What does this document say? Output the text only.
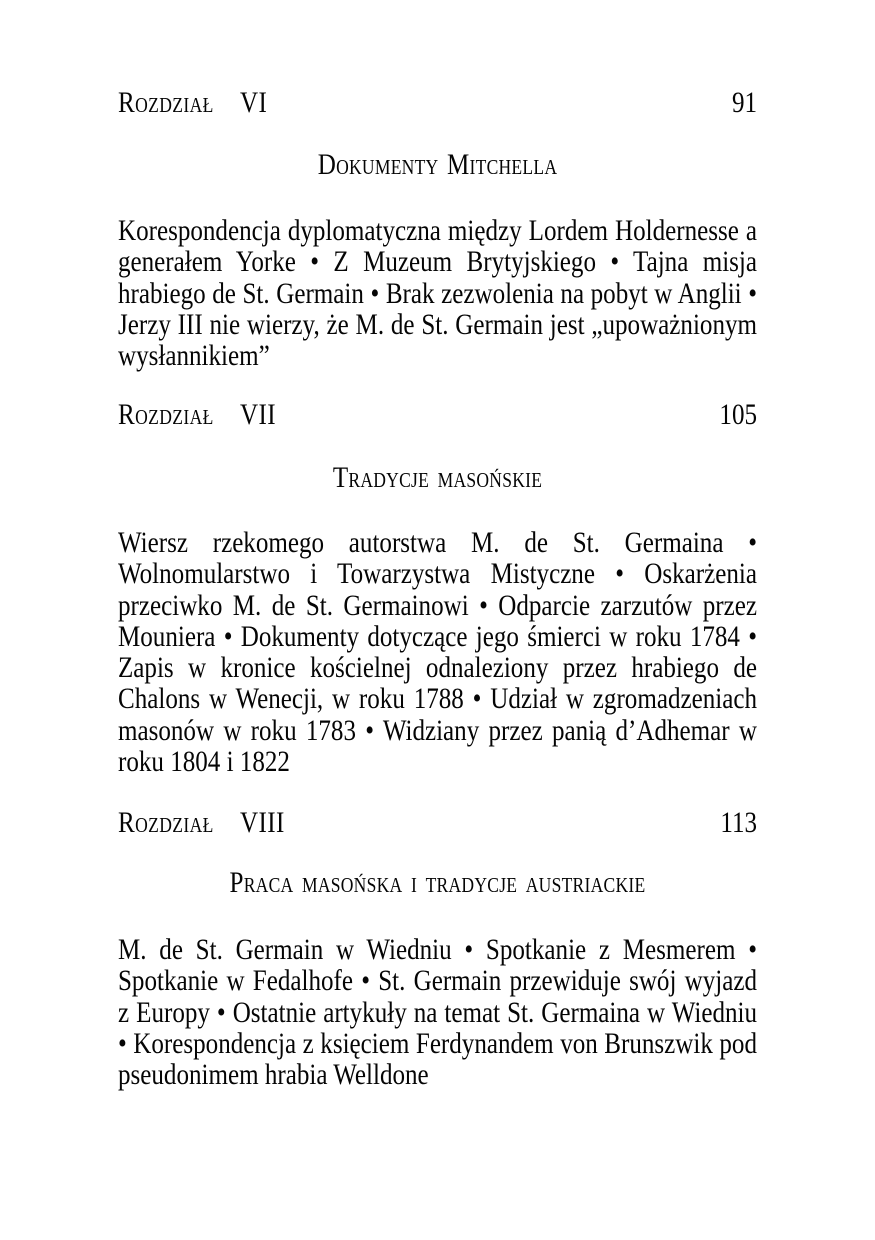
Rozdział VI	91
Dokumenty Mitchella
Korespondencja dyplomatyczna między Lordem Holdernesse a generałem Yorke • Z Muzeum Brytyjskiego • Tajna misja hrabiego de St. Germain • Brak zezwolenia na pobyt w Anglii • Jerzy III nie wierzy, że M. de St. Germain jest „upoważnionym wysłannikiem”
Rozdział VII	105
Tradycje masońskie
Wiersz rzekomego autorstwa M. de St. Germaina • Wolnomularstwo i Towarzystwa Mistyczne • Oskarżenia przeciwko M. de St. Germainowi • Odparcie zarzutów przez Mouniera • Dokumenty dotyczące jego śmierci w roku 1784 • Zapis w kronice kościelnej odnaleziony przez hrabiego de Chalons w Wenecji, w roku 1788 • Udział w zgromadzeniach masonów w roku 1783 • Widziany przez panią d’Adhemar w roku 1804 i 1822
Rozdział VIII	113
Praca masońska i tradycje austriackie
M. de St. Germain w Wiedniu • Spotkanie z Mesmerem • Spotkanie w Fedalhofe • St. Germain przewiduje swój wyjazd z Europy • Ostatnie artykuły na temat St. Germaina w Wiedniu • Korespondencja z księciem Ferdynandem von Brunszwik pod pseudonimem hrabia Welldone
